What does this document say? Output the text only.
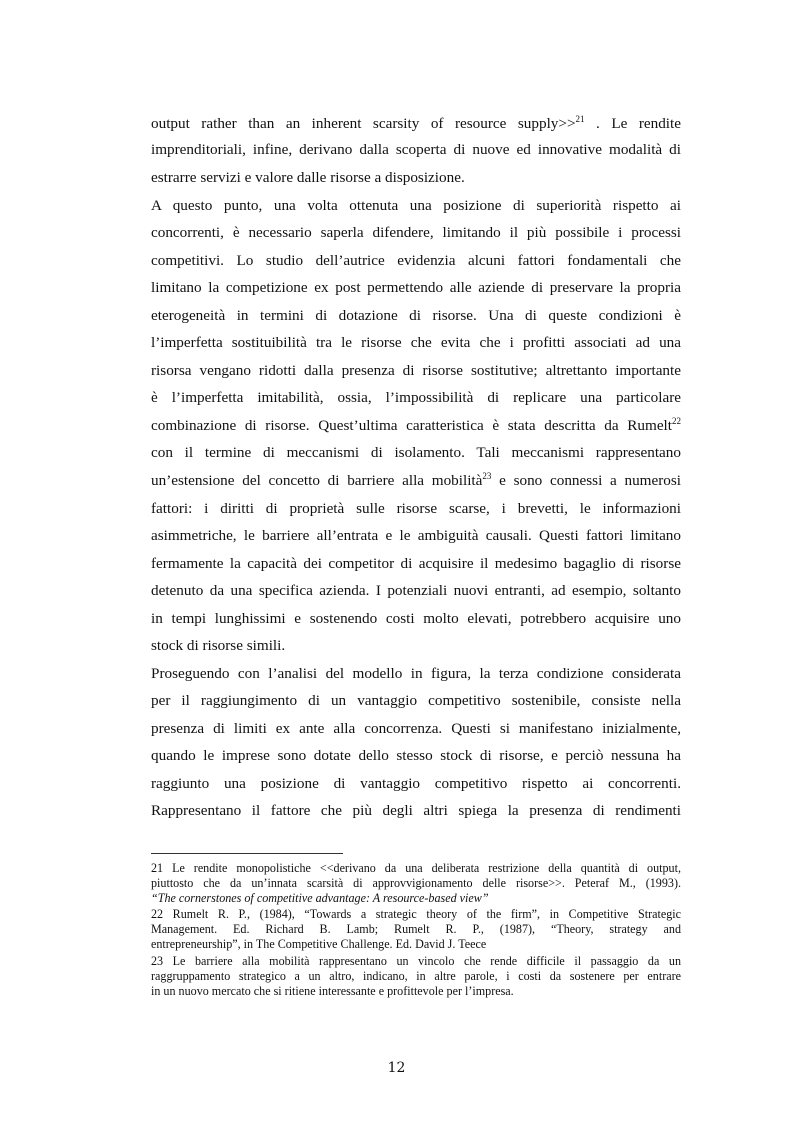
output rather than an inherent scarsity of resource supply>>$^{21}$ . Le rendite
imprenditoriali, infine, derivano dalla scoperta di nuove ed innovative modalità di
estrarre servizi e valore dalle risorse a disposizione.
A questo punto, una volta ottenuta una posizione di superiorità rispetto ai
concorrenti, è necessario saperla difendere, limitando il più possibile i processi
competitivi. Lo studio dell’autrice evidenzia alcuni fattori fondamentali che
limitano la competizione ex post permettendo alle aziende di preservare la propria
eterogeneità in termini di dotazione di risorse. Una di queste condizioni è
l’imperfetta sostituibilità tra le risorse che evita che i profitti associati ad una
risorsa vengano ridotti dalla presenza di risorse sostitutive; altrettanto importante
è l’imperfetta imitabilità, ossia, l’impossibilità di replicare una particolare
combinazione di risorse. Quest’ultima caratteristica è stata descritta da Rumelt$^{22}$
con il termine di meccanismi di isolamento. Tali meccanismi rappresentano
un’estensione del concetto di barriere alla mobilità$^{23}$ e sono connessi a numerosi
fattori: i diritti di proprietà sulle risorse scarse, i brevetti, le informazioni
asimmetriche, le barriere all’entrata e le ambiguità causali. Questi fattori limitano
fermamente la capacità dei competitor di acquisire il medesimo bagaglio di risorse
detenuto da una specifica azienda. I potenziali nuovi entranti, ad esempio, soltanto
in tempi lunghissimi e sostenendo costi molto elevati, potrebbero acquisire uno
stock di risorse simili.
Proseguendo con l’analisi del modello in figura, la terza condizione considerata
per il raggiungimento di un vantaggio competitivo sostenibile, consiste nella
presenza di limiti ex ante alla concorrenza. Questi si manifestano inizialmente,
quando le imprese sono dotate dello stesso stock di risorse, e perciò nessuna ha
raggiunto una posizione di vantaggio competitivo rispetto ai concorrenti.
Rappresentano il fattore che più degli altri spiega la presenza di rendimenti
21 Le rendite monopolistiche <<derivano da una deliberata restrizione della quantità di output,
piuttosto che da un’innata scarsità di approvvigionamento delle risorse>>. Peteraf M., (1993).
“The cornerstones of competitive advantage: A resource-based view”
22 Rumelt R. P., (1984), “Towards a strategic theory of the firm”, in Competitive Strategic
Management. Ed. Richard B. Lamb; Rumelt R. P., (1987), “Theory, strategy and
entrepreneurship”, in The Competitive Challenge. Ed. David J. Teece
23 Le barriere alla mobilità rappresentano un vincolo che rende difficile il passaggio da un
raggruppamento strategico a un altro, indicano, in altre parole, i costi da sostenere per entrare
in un nuovo mercato che si ritiene interessante e profittevole per l’impresa.
12
